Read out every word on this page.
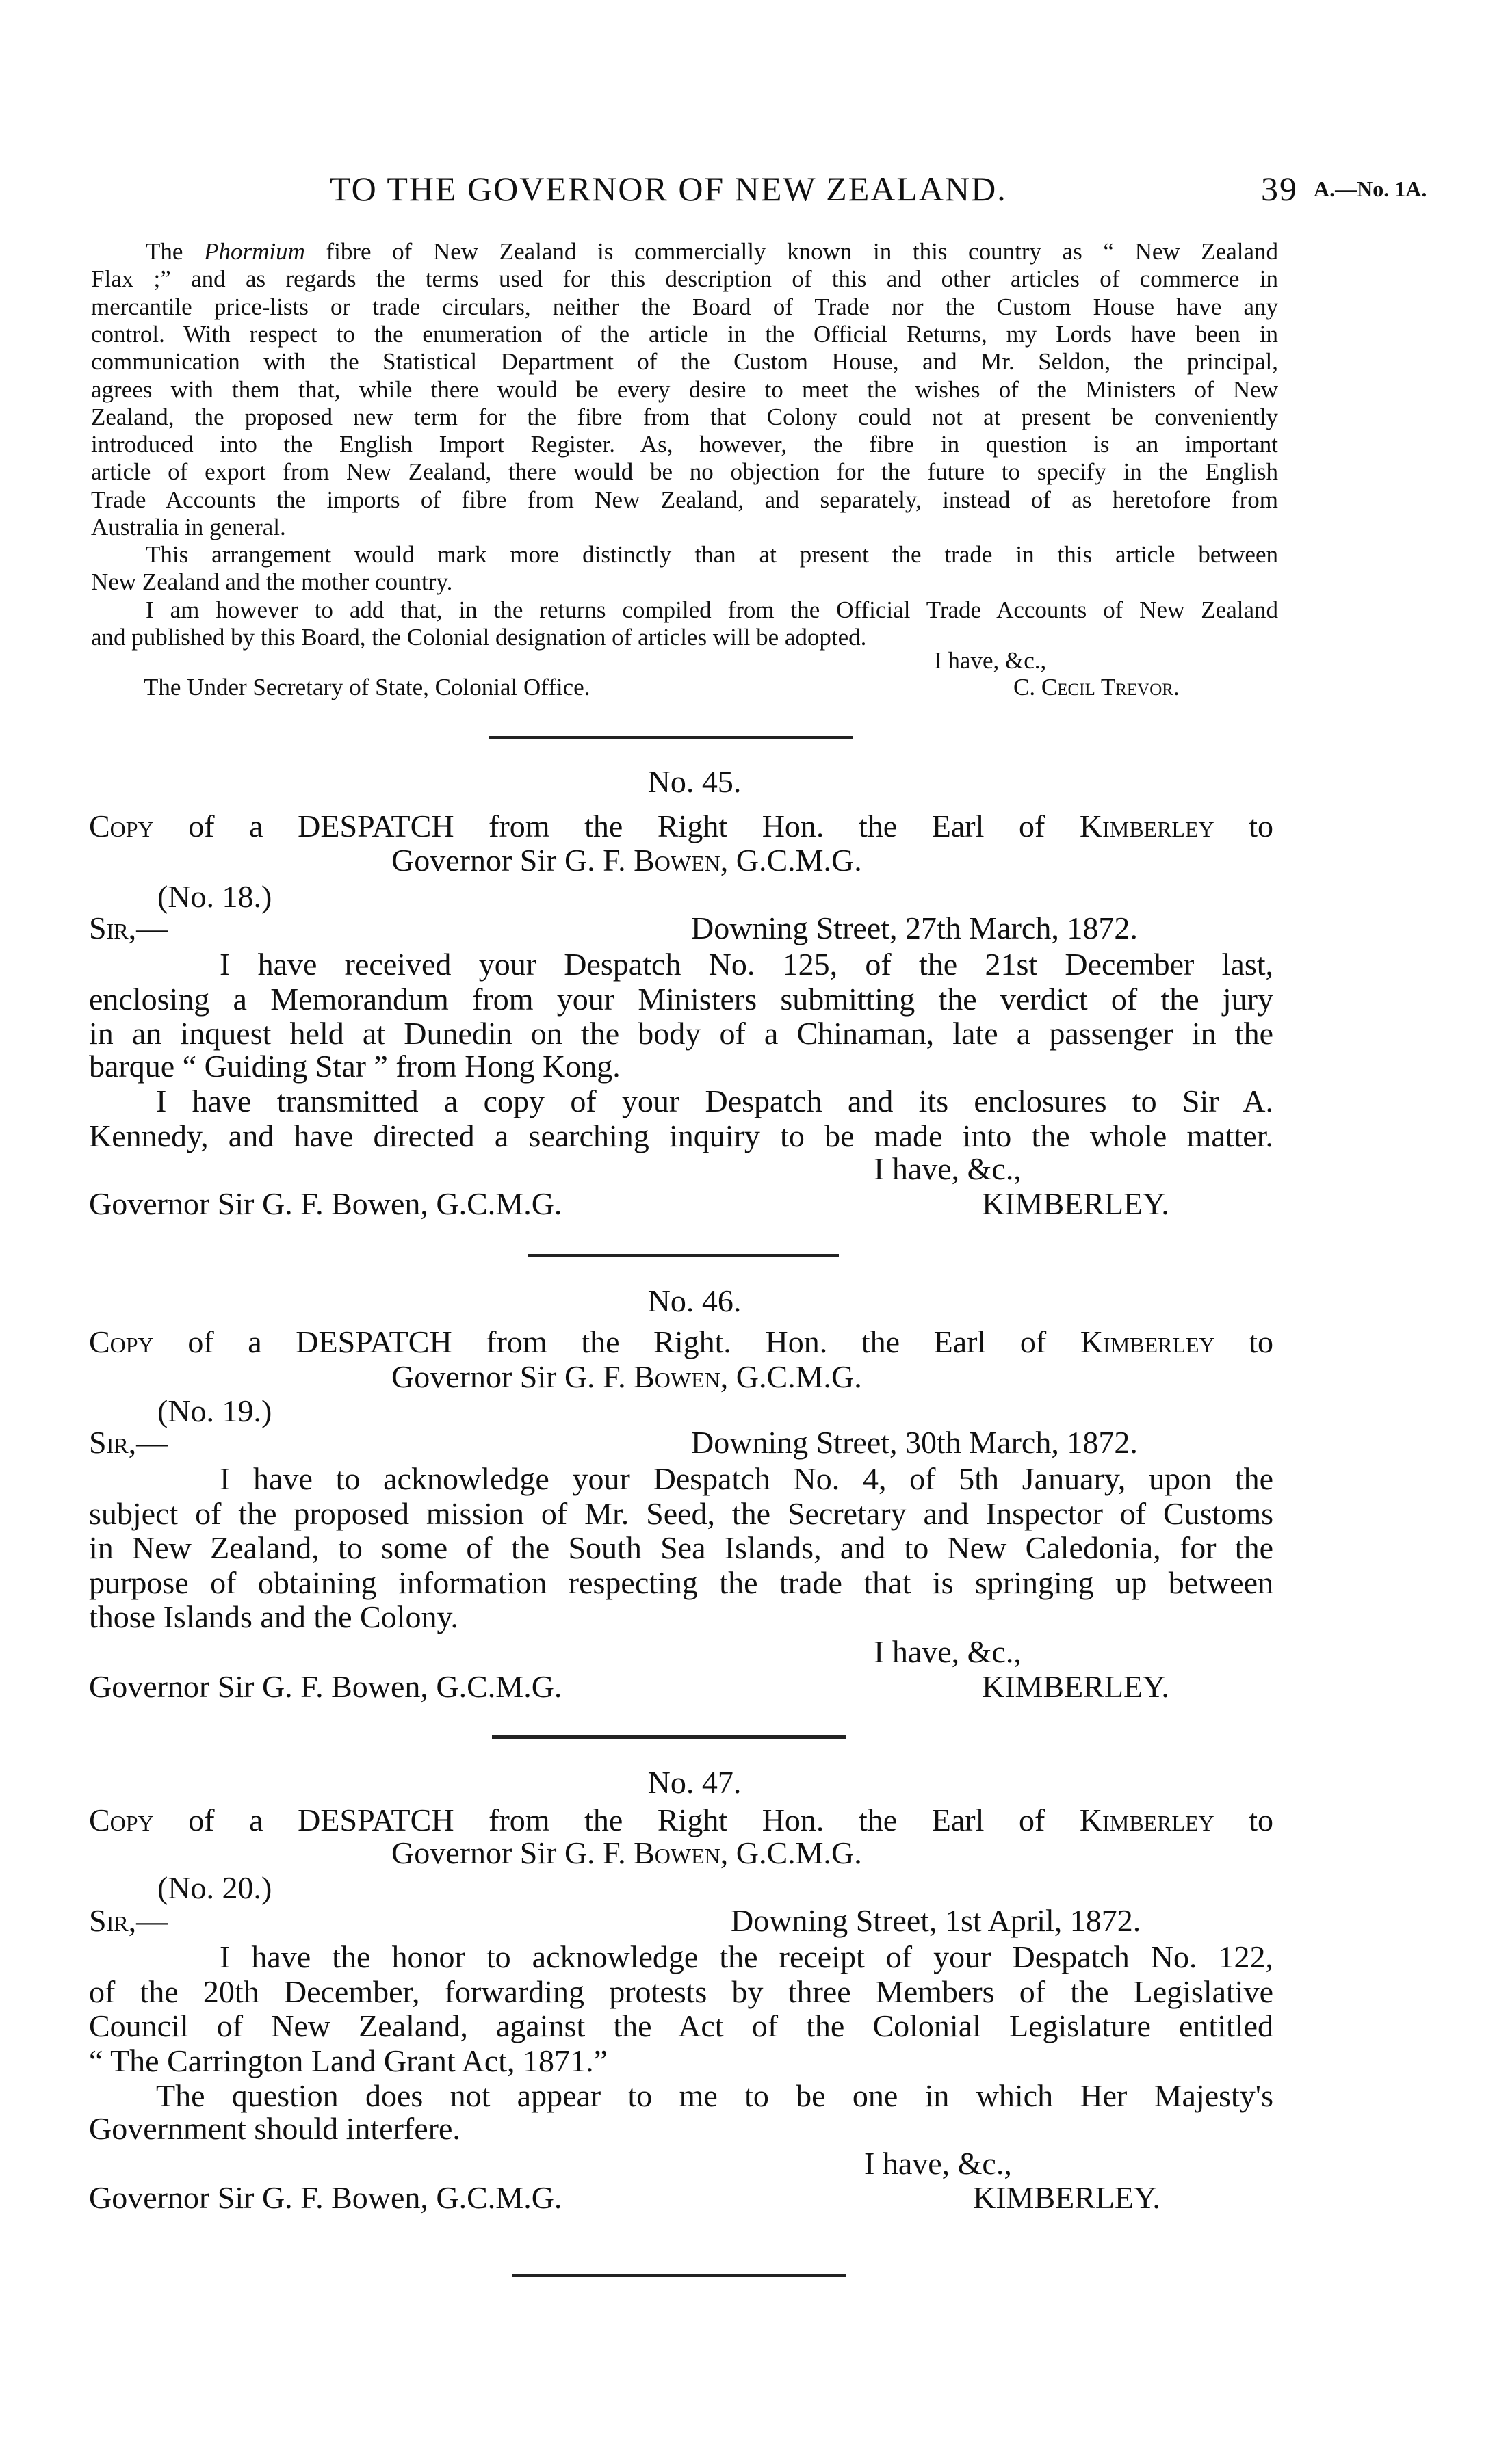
TO THE GOVERNOR OF NEW ZEALAND.	39 A.—No. 1A.
The Phormium fibre of New Zealand is commercially known in this country as “ New Zealand
Flax ;” and as regards the terms used for this description of this and other articles of commerce in
mercantile price-lists or trade circulars, neither the Board of Trade nor the Custom House have any
control. With respect to the enumeration of the article in the Official Returns, my Lords have been in
communication with the Statistical Department of the Custom House, and Mr. Seldon, the principal,
agrees with them that, while there would be every desire to meet the wishes of the Ministers of New
Zealand, the proposed new term for the fibre from that Colony could not at present be conveniently
introduced into the English Import Register. As, however, the fibre in question is an important
article of export from New Zealand, there would be no objection for the future to specify in the English
Trade Accounts the imports of fibre from New Zealand, and separately, instead of as heretofore from
Australia in general.
This arrangement would mark more distinctly than at present the trade in this article between
New Zealand and the mother country.
I am however to add that, in the returns compiled from the Official Trade Accounts of New Zealand
and published by this Board, the Colonial designation of articles will be adopted.
I have, &c.,
The Under Secretary of State, Colonial Office.	C. Cecil Trevor.
No. 45.
Copy of a DESPATCH from the Right Hon. the Earl of Kimberley to
Governor Sir G. F. Bowen, G.C.M.G.
(No. 18.)
Sir,—	Downing Street, 27th March, 1872.
I have received your Despatch No. 125, of the 21st December last,
enclosing a Memorandum from your Ministers submitting the verdict of the jury
in an inquest held at Dunedin on the body of a Chinaman, late a passenger in the
barque “ Guiding Star ” from Hong Kong.
I have transmitted a copy of your Despatch and its enclosures to Sir A.
Kennedy, and have directed a searching inquiry to be made into the whole matter.
I have, &c.,
Governor Sir G. F. Bowen, G.C.M.G.	KIMBERLEY.
No. 46.
Copy of a DESPATCH from the Right. Hon. the Earl of Kimberley to
Governor Sir G. F. Bowen, G.C.M.G.
(No. 19.)
Sir,—	Downing Street, 30th March, 1872.
I have to acknowledge your Despatch No. 4, of 5th January, upon the
subject of the proposed mission of Mr. Seed, the Secretary and Inspector of Customs
in New Zealand, to some of the South Sea Islands, and to New Caledonia, for the
purpose of obtaining information respecting the trade that is springing up between
those Islands and the Colony.
I have, &c.,
Governor Sir G. F. Bowen, G.C.M.G.	KIMBERLEY.
No. 47.
Copy of a DESPATCH from the Right Hon. the Earl of Kimberley to
Governor Sir G. F. Bowen, G.C.M.G.
(No. 20.)
Sir,—	Downing Street, 1st April, 1872.
I have the honor to acknowledge the receipt of your Despatch No. 122,
of the 20th December, forwarding protests by three Members of the Legislative
Council of New Zealand, against the Act of the Colonial Legislature entitled
“ The Carrington Land Grant Act, 1871.”
The question does not appear to me to be one in which Her Majesty's
Government should interfere.
I have, &c.,
Governor Sir G. F. Bowen, G.C.M.G.	KIMBERLEY.
